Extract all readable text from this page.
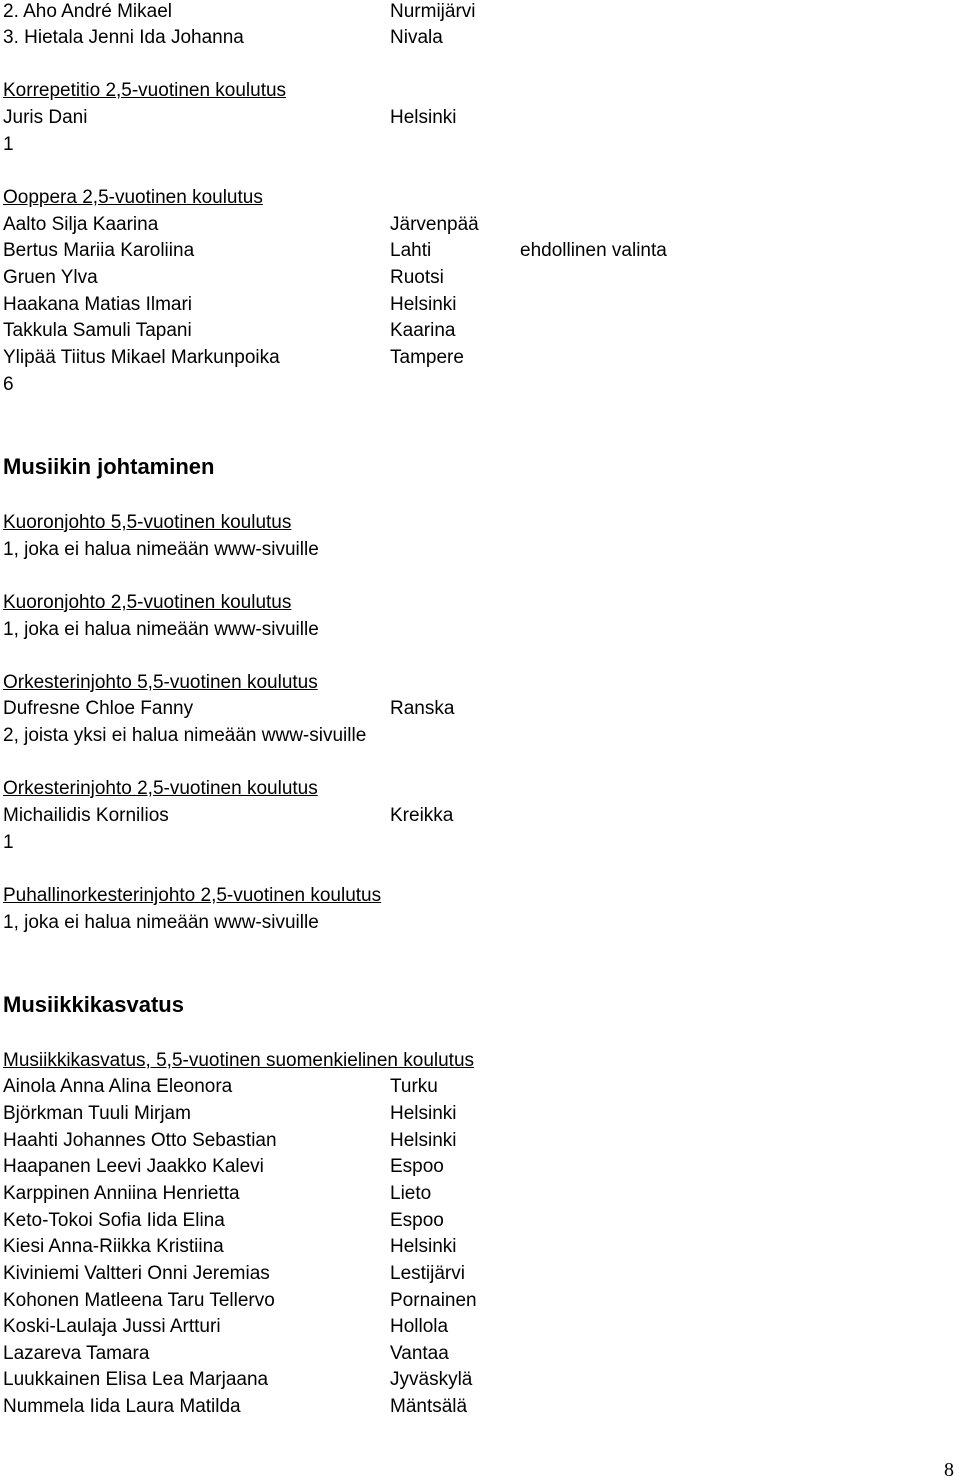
2. Aho André Mikael	Nurmijärvi
3. Hietala Jenni Ida Johanna	Nivala
Korrepetitio 2,5-vuotinen koulutus
Juris Dani	Helsinki
1
Ooppera 2,5-vuotinen koulutus
Aalto Silja Kaarina	Järvenpää
Bertus Mariia Karoliina	Lahti	ehdollinen valinta
Gruen Ylva	Ruotsi
Haakana Matias Ilmari	Helsinki
Takkula Samuli Tapani	Kaarina
Ylipää Tiitus Mikael Markunpoika	Tampere
6
Musiikin johtaminen
Kuoronjohto 5,5-vuotinen koulutus
1, joka ei halua nimeään www-sivuille
Kuoronjohto 2,5-vuotinen koulutus
1, joka ei halua nimeään www-sivuille
Orkesterinjohto 5,5-vuotinen koulutus
Dufresne Chloe Fanny	Ranska
2, joista yksi ei halua nimeään www-sivuille
Orkesterinjohto 2,5-vuotinen koulutus
Michailidis Kornilios	Kreikka
1
Puhallinorkesterinjohto 2,5-vuotinen koulutus
1, joka ei halua nimeään www-sivuille
Musiikkikasvatus
Musiikkikasvatus, 5,5-vuotinen suomenkielinen koulutus
Ainola Anna Alina Eleonora	Turku
Björkman Tuuli Mirjam	Helsinki
Haahti Johannes Otto Sebastian	Helsinki
Haapanen Leevi Jaakko Kalevi	Espoo
Karppinen Anniina Henrietta	Lieto
Keto-Tokoi Sofia Iida Elina	Espoo
Kiesi Anna-Riikka Kristiina	Helsinki
Kiviniemi Valtteri Onni Jeremias	Lestijärvi
Kohonen Matleena Taru Tellervo	Pornainen
Koski-Laulaja Jussi Artturi	Hollola
Lazareva Tamara	Vantaa
Luukkainen Elisa Lea Marjaana	Jyväskylä
Nummela Iida Laura Matilda	Mäntsälä
8
